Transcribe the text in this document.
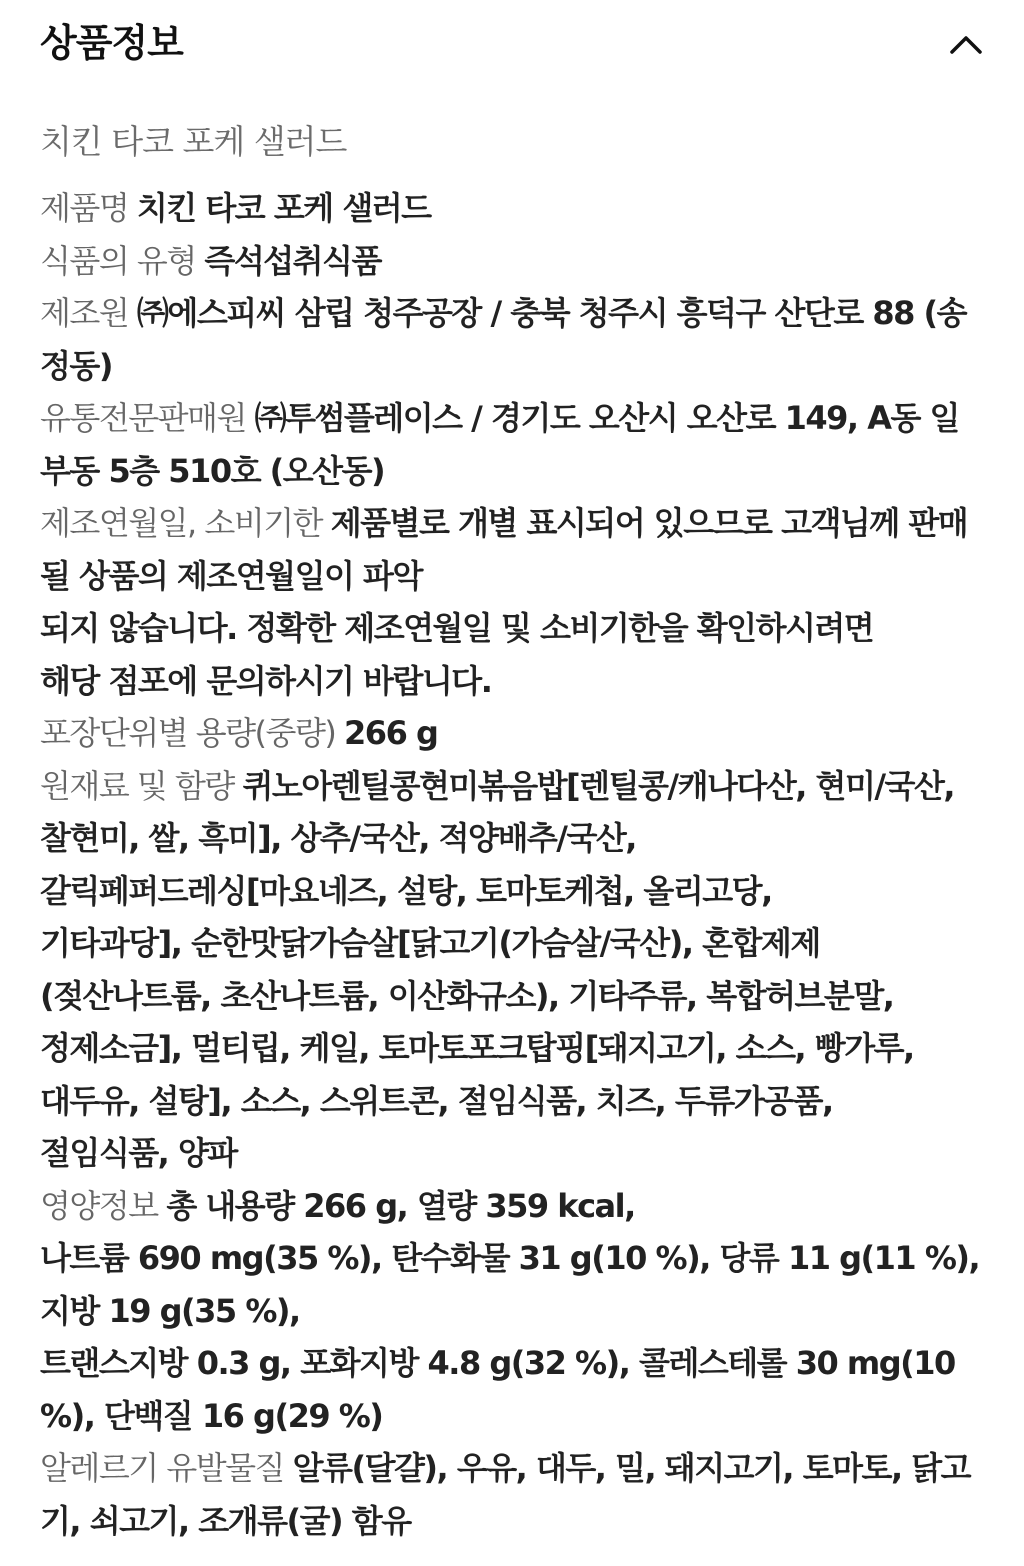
상품정보
치킨 타코 포케 샐러드
제품명 치킨 타코 포케 샐러드
식품의 유형 즉석섭취식품
제조원 ㈜에스피씨 삼립 청주공장 / 충북 청주시 흥덕구 산단로 88 (송정동)
유통전문판매원 ㈜투썸플레이스 / 경기도 오산시 오산로 149, A동 일부동 5층 510호 (오산동)
제조연월일, 소비기한 제품별로 개별 표시되어 있으므로 고객님께 판매될 상품의 제조연월일이 파악
되지 않습니다. 정확한 제조연월일 및 소비기한을 확인하시려면
해당 점포에 문의하시기 바랍니다.
포장단위별 용량(중량) 266 g
원재료 및 함량 퀴노아렌틸콩현미볶음밥[렌틸콩/캐나다산, 현미/국산, 찰현미, 쌀, 흑미], 상추/국산, 적양배추/국산,
갈릭페퍼드레싱[마요네즈, 설탕, 토마토케첩, 올리고당,
기타과당], 순한맛닭가슴살[닭고기(가슴살/국산), 혼합제제
(젖산나트륨, 초산나트륨, 이산화규소), 기타주류, 복합허브분말,
정제소금], 멀티립, 케일, 토마토포크탑핑[돼지고기, 소스, 빵가루,
대두유, 설탕], 소스, 스위트콘, 절임식품, 치즈, 두류가공품,
절임식품, 양파
영양정보 총 내용량 266 g, 열량 359 kcal,
나트륨 690 mg(35 %), 탄수화물 31 g(10 %), 당류 11 g(11 %), 지방 19 g(35 %),
트랜스지방 0.3 g, 포화지방 4.8 g(32 %), 콜레스테롤 30 mg(10 %), 단백질 16 g(29 %)
알레르기 유발물질 알류(달걀), 우유, 대두, 밀, 돼지고기, 토마토, 닭고기, 쇠고기, 조개류(굴) 함유
